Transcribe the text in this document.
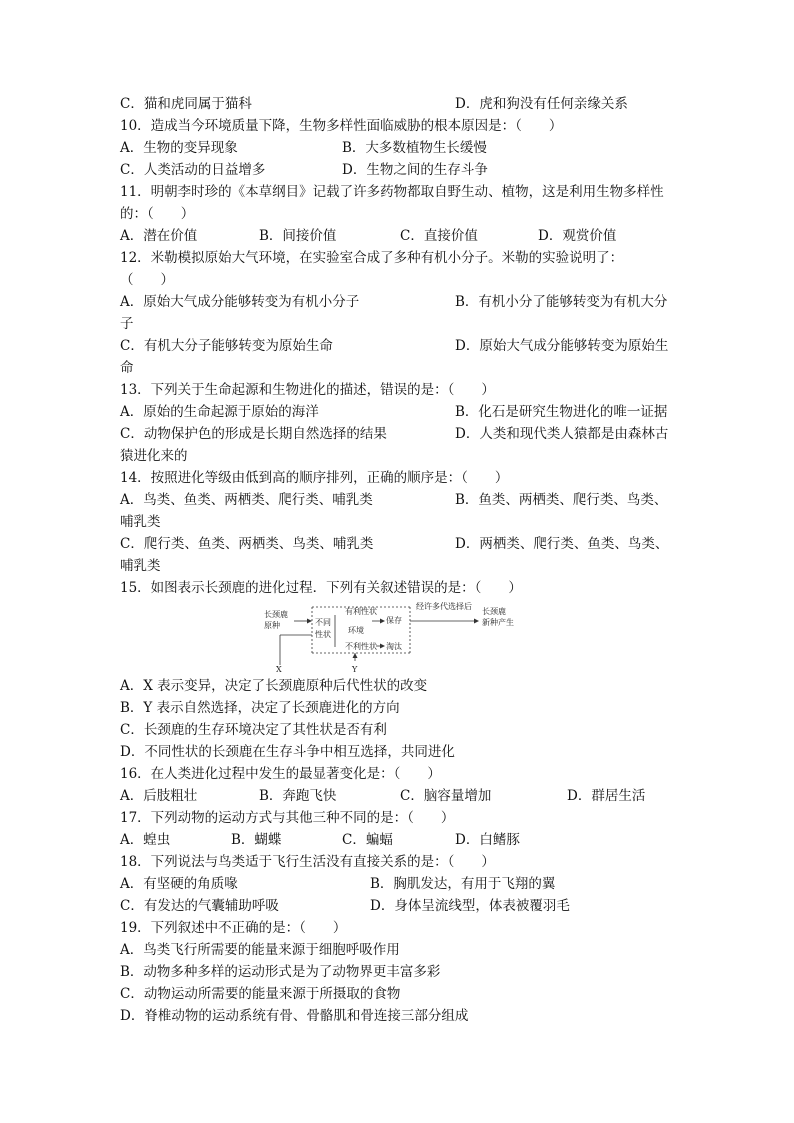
C．猫和虎同属于猫科	D．虎和狗没有任何亲缘关系
10．造成当今环境质量下降，生物多样性面临威胁的根本原因是：（　　）
A．生物的变异现象	B．大多数植物生长缓慢
C．人类活动的日益增多	D．生物之间的生存斗争
11．明朝李时珍的《本草纲目》记载了许多药物都取自野生动、植物，这是利用生物多样性
的：（　　）
A．潜在价值	B．间接价值	C．直接价值	D．观赏价值
12．米勒模拟原始大气环境，在实验室合成了多种有机小分子。米勒的实验说明了：
（　　）
A．原始大气成分能够转变为有机小分子	B．有机小分了能够转变为有机大分
子
C．有机大分子能够转变为原始生命	D．原始大气成分能够转变为原始生
命
13．下列关于生命起源和生物进化的描述，错误的是：（　　）
A．原始的生命起源于原始的海洋	B．化石是研究生物进化的唯一证据
C．动物保护色的形成是长期自然选择的结果	D．人类和现代类人猿都是由森林古
猿进化来的
14．按照进化等级由低到高的顺序排列，正确的顺序是：（　　）
A．鸟类、鱼类、两栖类、爬行类、哺乳类	B．鱼类、两栖类、爬行类、鸟类、
哺乳类
C．爬行类、鱼类、两栖类、鸟类、哺乳类	D．两栖类、爬行类、鱼类、鸟类、
哺乳类
15．如图表示长颈鹿的进化过程．下列有关叙述错误的是：（　　）
长颈鹿
原种	不同
性状
有利性状
环境
保存
不利性状 淘汰
经许多代选择后
长颈鹿
新种产生
X	Y
A．X 表示变异，决定了长颈鹿原种后代性状的改变
B．Y 表示自然选择，决定了长颈鹿进化的方向
C．长颈鹿的生存环境决定了其性状是否有利
D．不同性状的长颈鹿在生存斗争中相互选择，共同进化
16．在人类进化过程中发生的最显著变化是：（　　）
A．后肢粗壮	B．奔跑飞快	C．脑容量增加	D．群居生活
17．下列动物的运动方式与其他三种不同的是：（　　）
A．蝗虫	B．蝴蝶	C．蝙蝠	D．白鳍豚
18．下列说法与鸟类适于飞行生活没有直接关系的是：（　　）
A．有坚硬的角质喙	B．胸肌发达，有用于飞翔的翼
C．有发达的气囊辅助呼吸	D．身体呈流线型，体表被覆羽毛
19．下列叙述中不正确的是：（　　）
A．鸟类飞行所需要的能量来源于细胞呼吸作用
B．动物多种多样的运动形式是为了动物界更丰富多彩
C．动物运动所需要的能量来源于所摄取的食物
D．脊椎动物的运动系统有骨、骨骼肌和骨连接三部分组成
